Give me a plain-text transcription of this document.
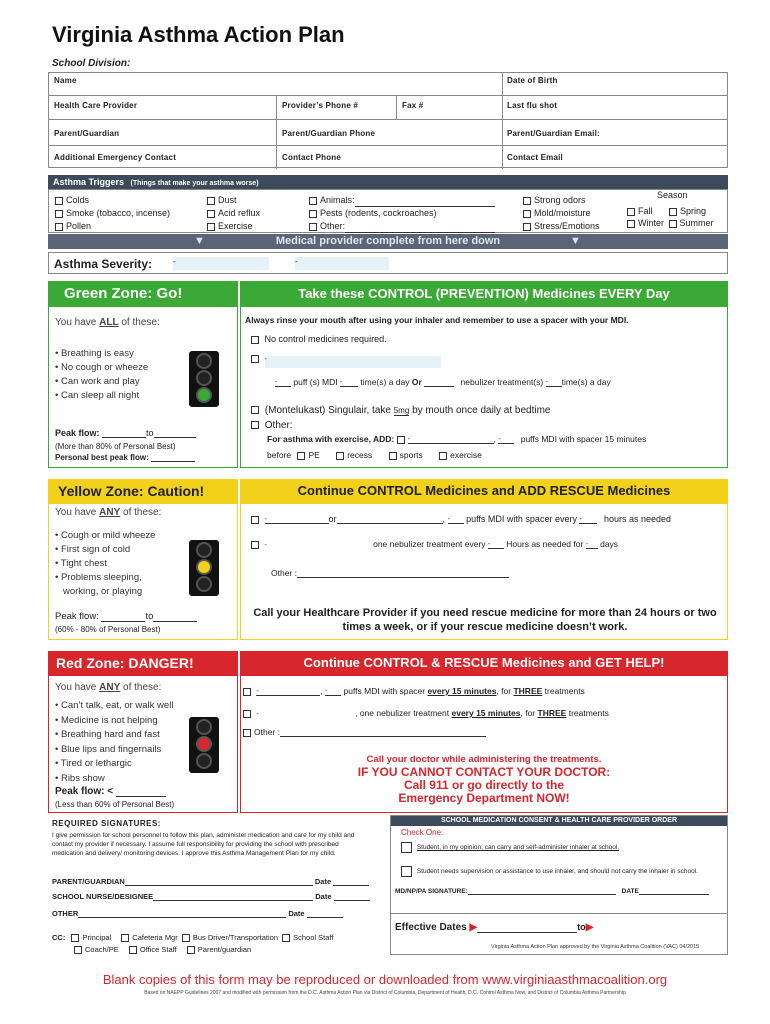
Virginia Asthma Action Plan
School Division:
Name	Date of Birth
Health Care Provider	Provider’s Phone #	Fax #	Last flu shot
Parent/Guardian	Parent/Guardian Phone	Parent/Guardian Email:
Additional Emergency Contact	Contact Phone	Contact Email
Asthma Triggers (Things that make your asthma worse)
Colds
Smoke (tobacco, incense)
Pollen
Dust
Acid reflux
Exercise
Animals:
Pests (rodents, cockroaches)
Other:
Strong odors
Mold/moisture
Stress/Emotions
Season
Fall	Spring
Winter Summer
▼	Medical provider complete from here down	▼
Asthma Severity:	-	-
Green Zone: Go!	Take these CONTROL (PREVENTION) Medicines EVERY Day
You have ALL of these:
• Breathing is easy
• No cough or wheeze
• Can work and play
• Can sleep all night
Peak flow:	to
(More than 80% of Personal Best)
Personal best peak flow:
Always rinse your mouth after using your inhaler and remember to use a spacer with your MDI.
No control medicines required.
-
- puff (s) MDI - time(s) a day Or	nebulizer treatment(s) - time(s) a day
(Montelukast) Singulair, take 5mg by mouth once daily at bedtime
Other:
For asthma with exercise, ADD: -	, - puffs MDI with spacer 15 minutes
before PE	recess	sports	exercise
Yellow Zone: Caution!	Continue CONTROL Medicines and ADD RESCUE Medicines
You have ANY of these:
• Cough or mild wheeze
• First sign of cold
• Tight chest
• Problems sleeping,
working, or playing
Peak flow:	to
(60% - 80% of Personal Best)
-	or	, - puffs MDI with spacer every - hours as needed
-	one nebulizer treatment every - Hours as needed for - days
Other :
Call your Healthcare Provider if you need rescue medicine for more than 24 hours or two times a week, or if your rescue medicine doesn’t work.
Red Zone: DANGER!	Continue CONTROL & RESCUE Medicines and GET HELP!
You have ANY of these:
• Can’t talk, eat, or walk well
• Medicine is not helping
• Breathing hard and fast
• Blue lips and fingernails
• Tired or lethargic
• Ribs show
Peak flow: <
(Less than 60% of Personal Best)
-	, - puffs MDI with spacer every 15 minutes, for THREE treatments
-	, one nebulizer treatment every 15 minutes, for THREE treatments
Other :
Call your doctor while administering the treatments.
IF YOU CANNOT CONTACT YOUR DOCTOR:
Call 911 or go directly to the
Emergency Department NOW!
REQUIRED SIGNATURES:
I give permission for school personnel to follow this plan, administer medication and care for my child and contact my provider if necessary. I assume full responsibility for providing the school with prescribed medication and delivery/ monitoring devices. I approve this Asthma Management Plan for my child.
PARENT/GUARDIAN	Date
SCHOOL NURSE/DESIGNEE	Date
OTHER	Date
CC: Principal	Cafeteria Mgr Bus Driver/Transportation School Staff
Coach/PE	Office Staff	Parent/guardian
SCHOOL MEDICATION CONSENT & HEALTH CARE PROVIDER ORDER
Check One:
Student, in my opinion, can carry and self-administer inhaler at school.
Student needs supervision or assistance to use inhaler, and should not carry the inhaler in school.
MD/NP/PA SIGNATURE:	DATE
Effective Dates ▶	to▶
Virginia Asthma Action Plan approved by the Virginia Asthma Coalition (VAC) 04/2015
Blank copies of this form may be reproduced or downloaded from www.virginiaasthmacoalition.org
Based on NAEPP Guidelines 2007 and modified with permission from the D.C. Asthma Action Plan via District of Columbia, Department of Health, D.C. Control Asthma Now, and District of Columbia Asthma Partnership
